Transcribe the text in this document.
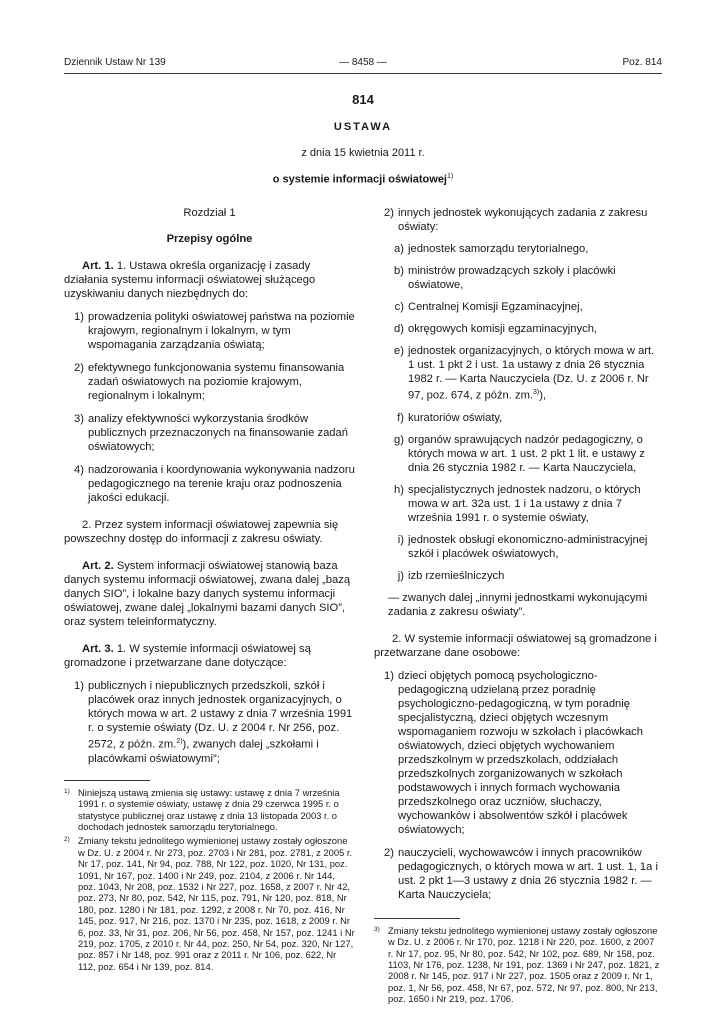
Dziennik Ustaw Nr 139	— 8458 —	Poz. 814
814
USTAWA
z dnia 15 kwietnia 2011 r.
o systemie informacji oświatowej$^{1)}$

Rozdział 1

Przepisy ogólne

Art. 1. 1. Ustawa określa organizację i zasady działania systemu informacji oświatowej służącego uzyskiwaniu danych niezbędnych do:

1) prowadzenia polityki oświatowej państwa na poziomie krajowym, regionalnym i lokalnym, w tym wspomagania zarządzania oświatą;
2) efektywnego funkcjonowania systemu finansowania zadań oświatowych na poziomie krajowym, regionalnym i lokalnym;
3) analizy efektywności wykorzystania środków publicznych przeznaczonych na finansowanie zadań oświatowych;
4) nadzorowania i koordynowania wykonywania nadzoru pedagogicznego na terenie kraju oraz podnoszenia jakości edukacji.

2. Przez system informacji oświatowej zapewnia się powszechny dostęp do informacji z zakresu oświaty.

Art. 2. System informacji oświatowej stanowią baza danych systemu informacji oświatowej, zwana dalej „bazą danych SIO”, i lokalne bazy danych systemu informacji oświatowej, zwane dalej „lokalnymi bazami danych SIO”, oraz system teleinformatyczny.

Art. 3. 1. W systemie informacji oświatowej są gromadzone i przetwarzane dane dotyczące:

1) publicznych i niepublicznych przedszkoli, szkół i placówek oraz innych jednostek organizacyjnych, o których mowa w art. 2 ustawy z dnia 7 września 1991 r. o systemie oświaty (Dz. U. z 2004 r. Nr 256, poz. 2572, z późn. zm.$^{2)}$), zwanych dalej „szkołami i placówkami oświatowymi”;
1) Niniejszą ustawą zmienia się ustawy: ustawę z dnia 7 września 1991 r. o systemie oświaty, ustawę z dnia 29 czerwca 1995 r. o statystyce publicznej oraz ustawę z dnia 13 listopada 2003 r. o dochodach jednostek samorządu terytorialnego.
2) Zmiany tekstu jednolitego wymienionej ustawy zostały ogłoszone w Dz. U. z 2004 r. Nr 273, poz. 2703 i Nr 281, poz. 2781, z 2005 r. Nr 17, poz. 141, Nr 94, poz. 788, Nr 122, poz. 1020, Nr 131, poz. 1091, Nr 167, poz. 1400 i Nr 249, poz. 2104, z 2006 r. Nr 144, poz. 1043, Nr 208, poz. 1532 i Nr 227, poz. 1658, z 2007 r. Nr 42, poz. 273, Nr 80, poz. 542, Nr 115, poz. 791, Nr 120, poz. 818, Nr 180, poz. 1280 i Nr 181, poz. 1292, z 2008 r. Nr 70, poz. 416, Nr 145, poz. 917, Nr 216, poz. 1370 i Nr 235, poz. 1618, z 2009 r. Nr 6, poz. 33, Nr 31, poz. 206, Nr 56, poz. 458, Nr 157, poz. 1241 i Nr 219, poz. 1705, z 2010 r. Nr 44, poz. 250, Nr 54, poz. 320, Nr 127, poz. 857 i Nr 148, poz. 991 oraz z 2011 r. Nr 106, poz. 622, Nr 112, poz. 654 i Nr 139, poz. 814.
2) innych jednostek wykonujących zadania z zakresu oświaty:
a) jednostek samorządu terytorialnego,
b) ministrów prowadzących szkoły i placówki oświatowe,
c) Centralnej Komisji Egzaminacyjnej,
d) okręgowych komisji egzaminacyjnych,
e) jednostek organizacyjnych, o których mowa w art. 1 ust. 1 pkt 2 i ust. 1a ustawy z dnia 26 stycznia 1982 r. — Karta Nauczyciela (Dz. U. z 2006 r. Nr 97, poz. 674, z późn. zm.$^{3)}$),
f) kuratoriów oświaty,
g) organów sprawujących nadzór pedagogiczny, o których mowa w art. 1 ust. 2 pkt 1 lit. e ustawy z dnia 26 stycznia 1982 r. — Karta Nauczyciela,
h) specjalistycznych jednostek nadzoru, o których mowa w art. 32a ust. 1 i 1a ustawy z dnia 7 września 1991 r. o systemie oświaty,
i) jednostek obsługi ekonomiczno-administracyjnej szkół i placówek oświatowych,
j) izb rzemieślniczych

— zwanych dalej „innymi jednostkami wykonującymi zadania z zakresu oświaty”.

2. W systemie informacji oświatowej są gromadzone i przetwarzane dane osobowe:

1) dzieci objętych pomocą psychologiczno-pedagogiczną udzielaną przez poradnię psychologiczno-pedagogiczną, w tym poradnię specjalistyczną, dzieci objętych wczesnym wspomaganiem rozwoju w szkołach i placówkach oświatowych, dzieci objętych wychowaniem przedszkolnym w przedszkolach, oddziałach przedszkolnych zorganizowanych w szkołach podstawowych i innych formach wychowania przedszkolnego oraz uczniów, słuchaczy, wychowanków i absolwentów szkół i placówek oświatowych;
2) nauczycieli, wychowawców i innych pracowników pedagogicznych, o których mowa w art. 1 ust. 1, 1a i ust. 2 pkt 1—3 ustawy z dnia 26 stycznia 1982 r. — Karta Nauczyciela;
3) Zmiany tekstu jednolitego wymienionej ustawy zostały ogłoszone w Dz. U. z 2006 r. Nr 170, poz. 1218 i Nr 220, poz. 1600, z 2007 r. Nr 17, poz. 95, Nr 80, poz. 542, Nr 102, poz. 689, Nr 158, poz. 1103, Nr 176, poz. 1238, Nr 191, poz. 1369 i Nr 247, poz. 1821, z 2008 r. Nr 145, poz. 917 i Nr 227, poz. 1505 oraz z 2009 r. Nr 1, poz. 1, Nr 56, poz. 458, Nr 67, poz. 572, Nr 97, poz. 800, Nr 213, poz. 1650 i Nr 219, poz. 1706.
